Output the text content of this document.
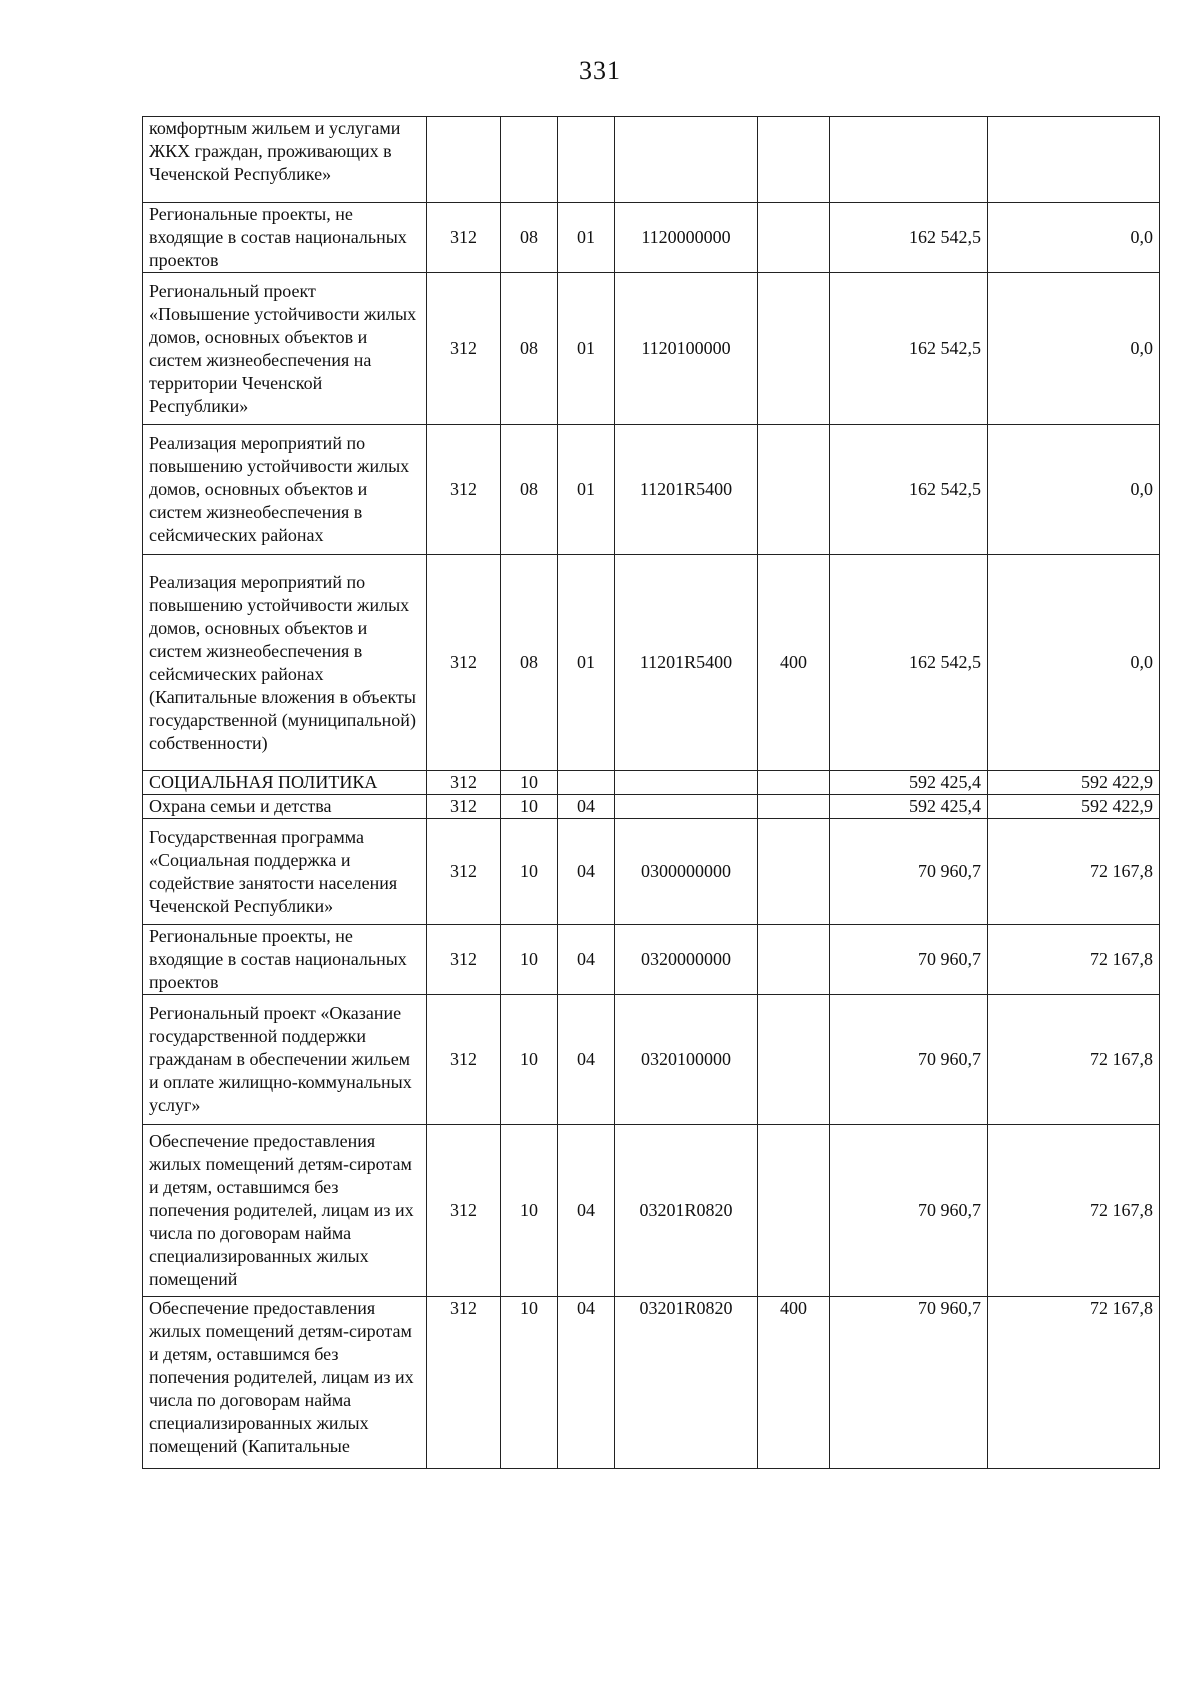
331
комфортным жильем и услугами ЖКХ граждан, проживающих в Чеченской Республике»							
Региональные проекты, не входящие в состав национальных проектов	312	08	01	1120000000		162 542,5	0,0
Региональный проект «Повышение устойчивости жилых домов, основных объектов и систем жизнеобеспечения на территории Чеченской Республики»	312	08	01	1120100000		162 542,5	0,0
Реализация мероприятий по повышению устойчивости жилых домов, основных объектов и систем жизнеобеспечения в сейсмических районах	312	08	01	11201R5400		162 542,5	0,0
Реализация мероприятий по повышению устойчивости жилых домов, основных объектов и систем жизнеобеспечения в сейсмических районах (Капитальные вложения в объекты государственной (муниципальной) собственности)	312	08	01	11201R5400	400	162 542,5	0,0
СОЦИАЛЬНАЯ ПОЛИТИКА	312	10				592 425,4	592 422,9
Охрана семьи и детства	312	10	04			592 425,4	592 422,9
Государственная программа «Социальная поддержка и содействие занятости населения Чеченской Республики»	312	10	04	0300000000		70 960,7	72 167,8
Региональные проекты, не входящие в состав национальных проектов	312	10	04	0320000000		70 960,7	72 167,8
Региональный проект «Оказание государственной поддержки гражданам в обеспечении жильем и оплате жилищно-коммунальных услуг»	312	10	04	0320100000		70 960,7	72 167,8
Обеспечение предоставления жилых помещений детям-сиротам и детям, оставшимся без попечения родителей, лицам из их числа по договорам найма специализированных жилых помещений	312	10	04	03201R0820		70 960,7	72 167,8
Обеспечение предоставления жилых помещений детям-сиротам и детям, оставшимся без попечения родителей, лицам из их числа по договорам найма специализированных жилых помещений (Капитальные	312	10	04	03201R0820	400	70 960,7	72 167,8
